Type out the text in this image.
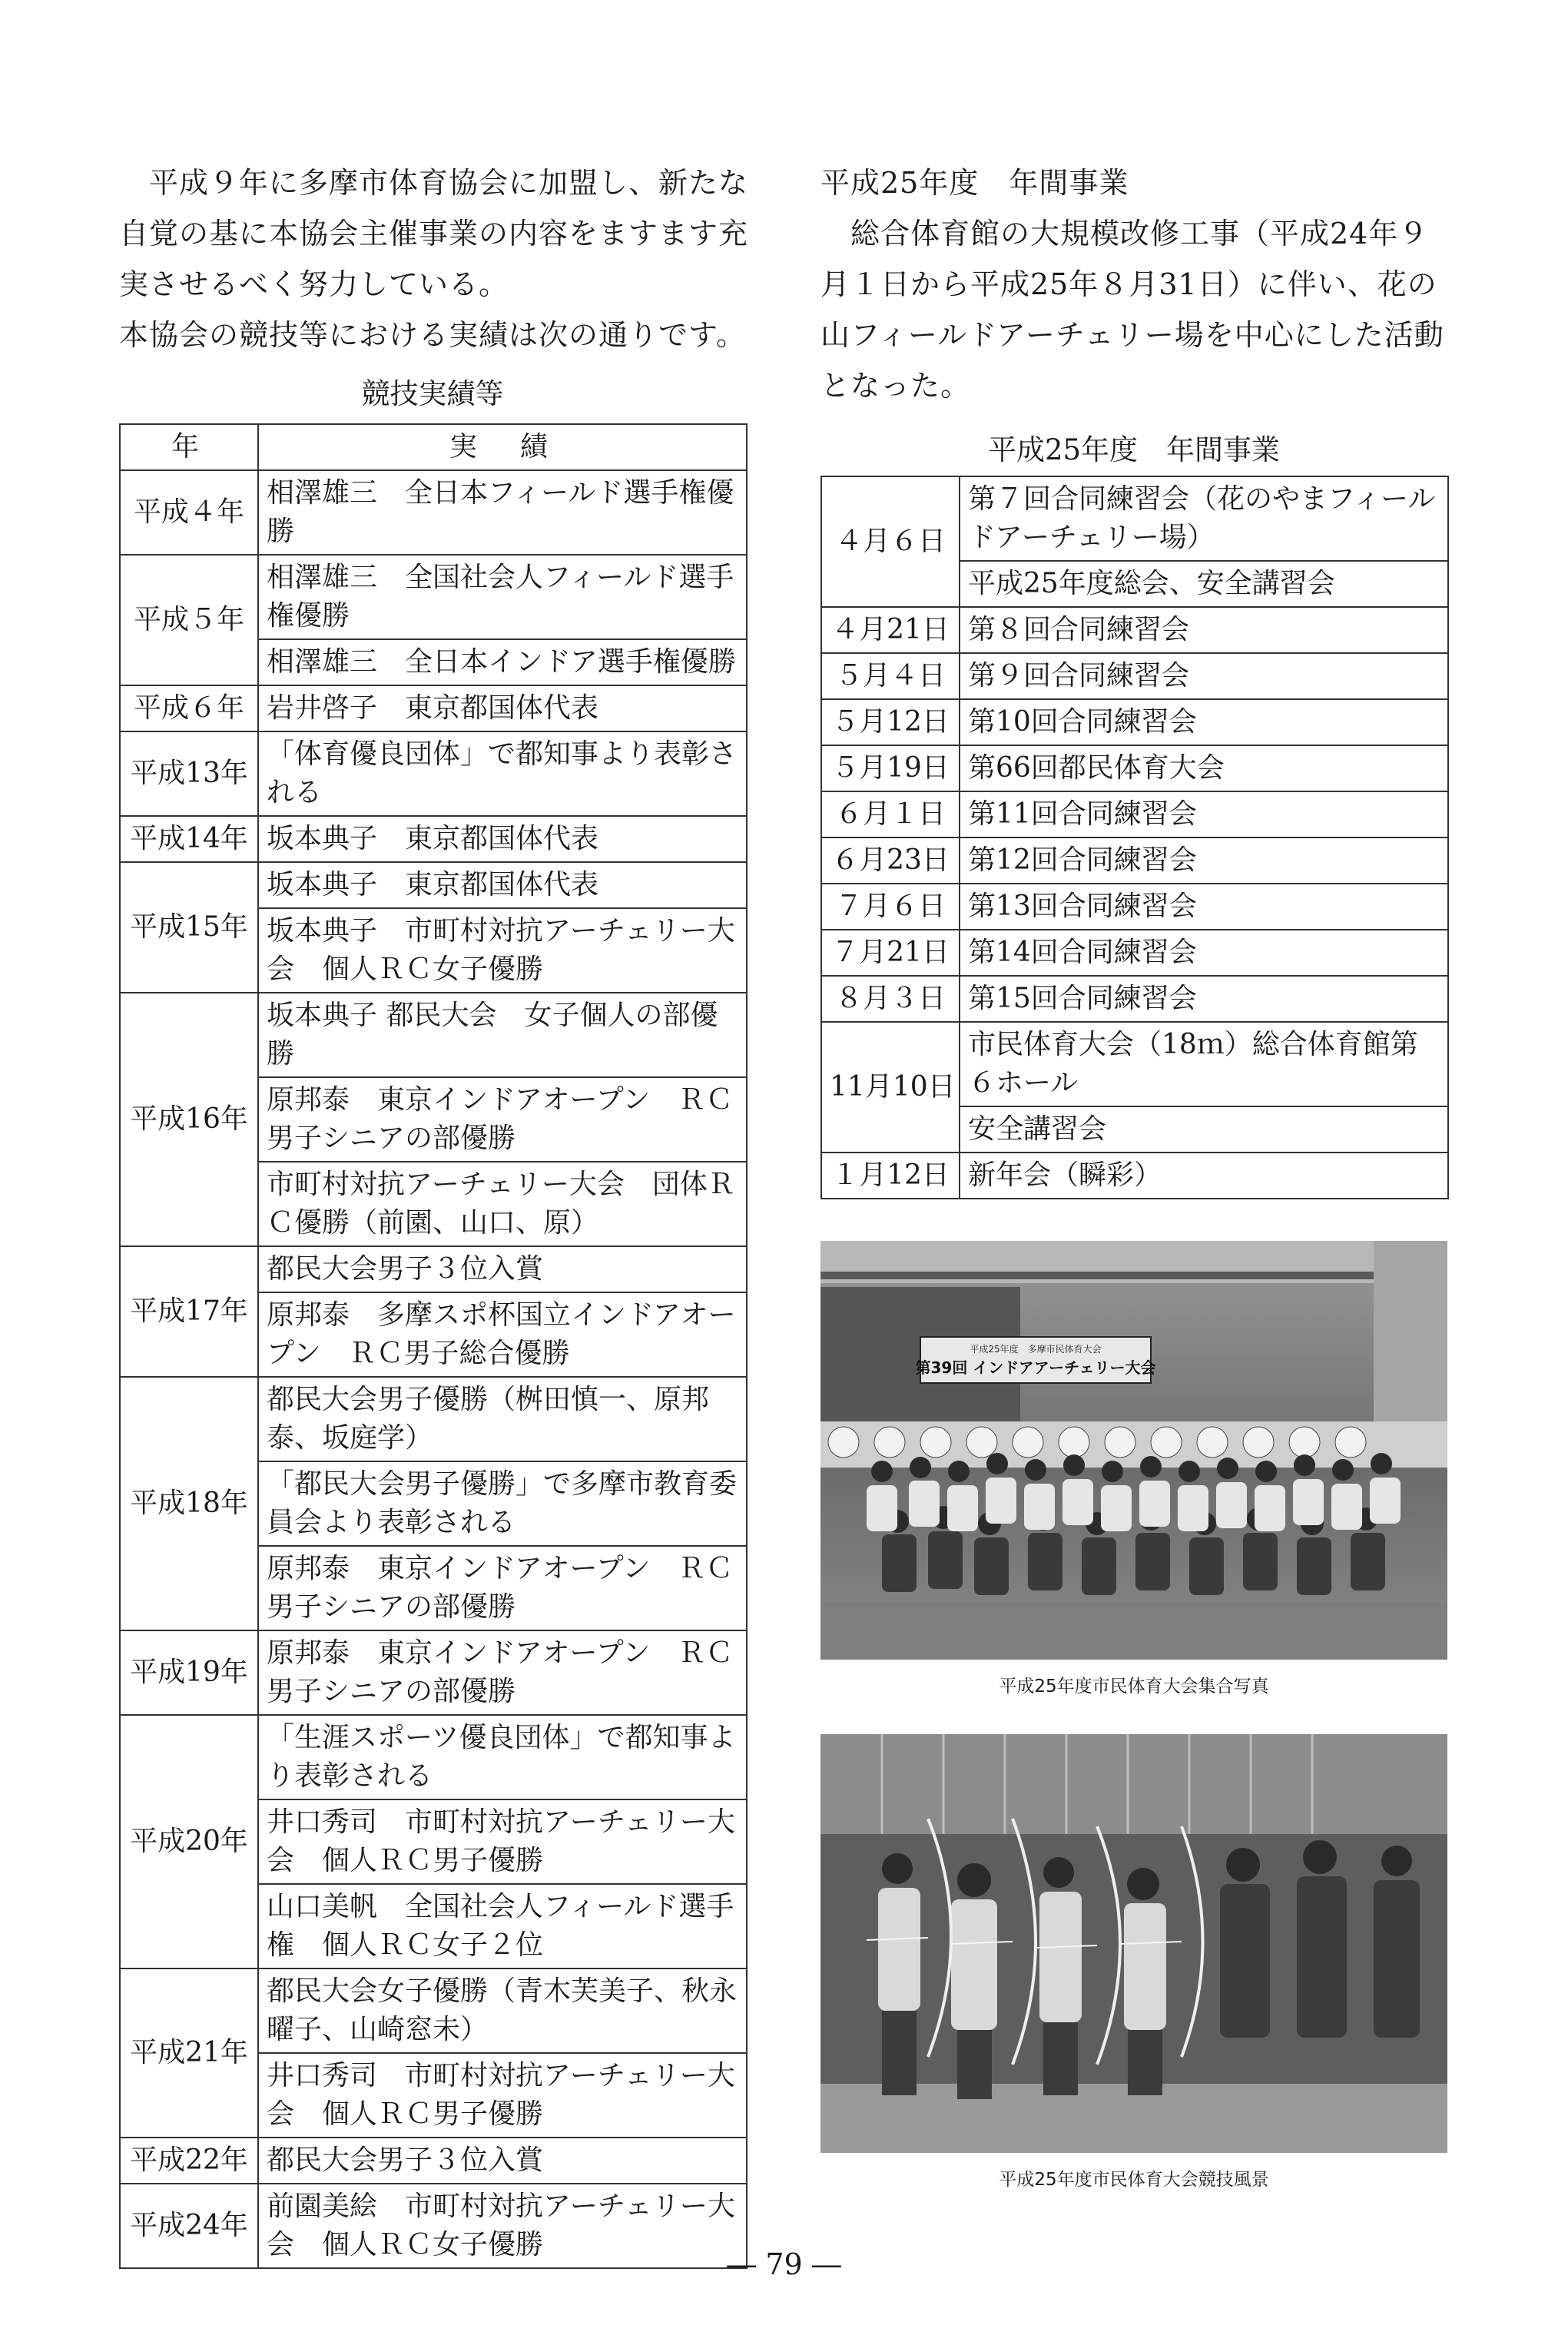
　平成９年に多摩市体育協会に加盟し、新たな自覚の基に本協会主催事業の内容をますます充実させるべく努力している。

本協会の競技等における実績は次の通りです。

競技実績等
年	実　績
平成４年	相澤雄三　全日本フィールド選手権優勝
平成５年	相澤雄三　全国社会人フィールド選手権優勝
	相澤雄三　全日本インドア選手権優勝
平成６年	岩井啓子　東京都国体代表
平成13年	「体育優良団体」で都知事より表彰される
平成14年	坂本典子　東京都国体代表
平成15年	坂本典子　東京都国体代表
	坂本典子　市町村対抗アーチェリー大会　個人ＲＣ女子優勝
平成16年	坂本典子 都民大会　女子個人の部優勝
	原邦泰　東京インドアオープン　ＲＣ男子シニアの部優勝
	市町村対抗アーチェリー大会　団体ＲＣ優勝（前園、山口、原）
平成17年	都民大会男子３位入賞
	原邦泰　多摩スポ杯国立インドアオープン　ＲＣ男子総合優勝
平成18年	都民大会男子優勝（桝田慎一、原邦泰、坂庭学）
	「都民大会男子優勝」で多摩市教育委員会より表彰される
	原邦泰　東京インドアオープン　ＲＣ男子シニアの部優勝
平成19年	原邦泰　東京インドアオープン　ＲＣ男子シニアの部優勝
平成20年	「生涯スポーツ優良団体」で都知事より表彰される
	井口秀司　市町村対抗アーチェリー大会　個人ＲＣ男子優勝
	山口美帆　全国社会人フィールド選手権　個人ＲＣ女子２位
平成21年	都民大会女子優勝（青木芙美子、秋永曜子、山崎窓未）
	井口秀司　市町村対抗アーチェリー大会　個人ＲＣ男子優勝
平成22年	都民大会男子３位入賞
平成24年	前園美絵　市町村対抗アーチェリー大会　個人ＲＣ女子優勝
平成25年度　年間事業

　総合体育館の大規模改修工事（平成24年９月１日から平成25年８月31日）に伴い、花の山フィールドアーチェリー場を中心にした活動となった。

平成25年度　年間事業
４月６日	第７回合同練習会（花のやまフィールドアーチェリー場）
	平成25年度総会、安全講習会
４月21日	第８回合同練習会
５月４日	第９回合同練習会
５月12日	第10回合同練習会
５月19日	第66回都民体育大会
６月１日	第11回合同練習会
６月23日	第12回合同練習会
７月６日	第13回合同練習会
７月21日	第14回合同練習会
８月３日	第15回合同練習会
11月10日	市民体育大会（18ｍ）総合体育館第６ホール
	安全講習会
１月12日	新年会（瞬彩）
平成25年度　多摩市民体育大会
第39回 インドアアーチェリー大会
平成25年度市民体育大会集合写真
平成25年度市民体育大会競技風景
― 79 ―
